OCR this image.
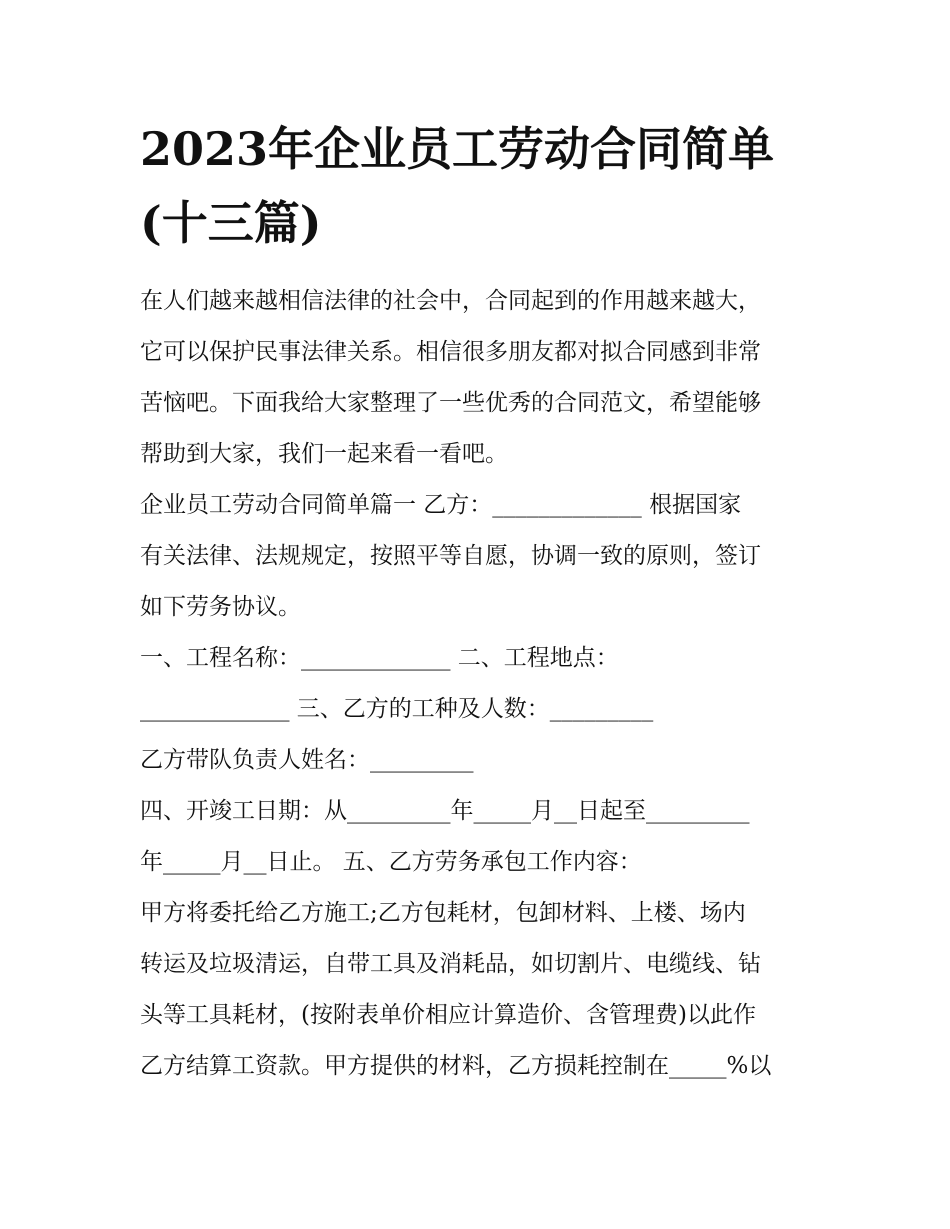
2023年企业员工劳动合同简单
(十三篇)
在人们越来越相信法律的社会中，合同起到的作用越来越大，
它可以保护民事法律关系。相信很多朋友都对拟合同感到非常
苦恼吧。下面我给大家整理了一些优秀的合同范文，希望能够
帮助到大家，我们一起来看一看吧。
企业员工劳动合同简单篇一 乙方：_____________ 根据国家
有关法律、法规规定，按照平等自愿，协调一致的原则，签订
如下劳务协议。
一、工程名称：_____________ 二、工程地点：
_____________ 三、乙方的工种及人数：_________
乙方带队负责人姓名：_________
四、开竣工日期：从_________年_____月__日起至_________
年_____月__日止。 五、乙方劳务承包工作内容：
甲方将委托给乙方施工;乙方包耗材，包卸材料、上楼、场内
转运及垃圾清运，自带工具及消耗品，如切割片、电缆线、钻
头等工具耗材，(按附表单价相应计算造价、含管理费)以此作
乙方结算工资款。甲方提供的材料，乙方损耗控制在_____%以
